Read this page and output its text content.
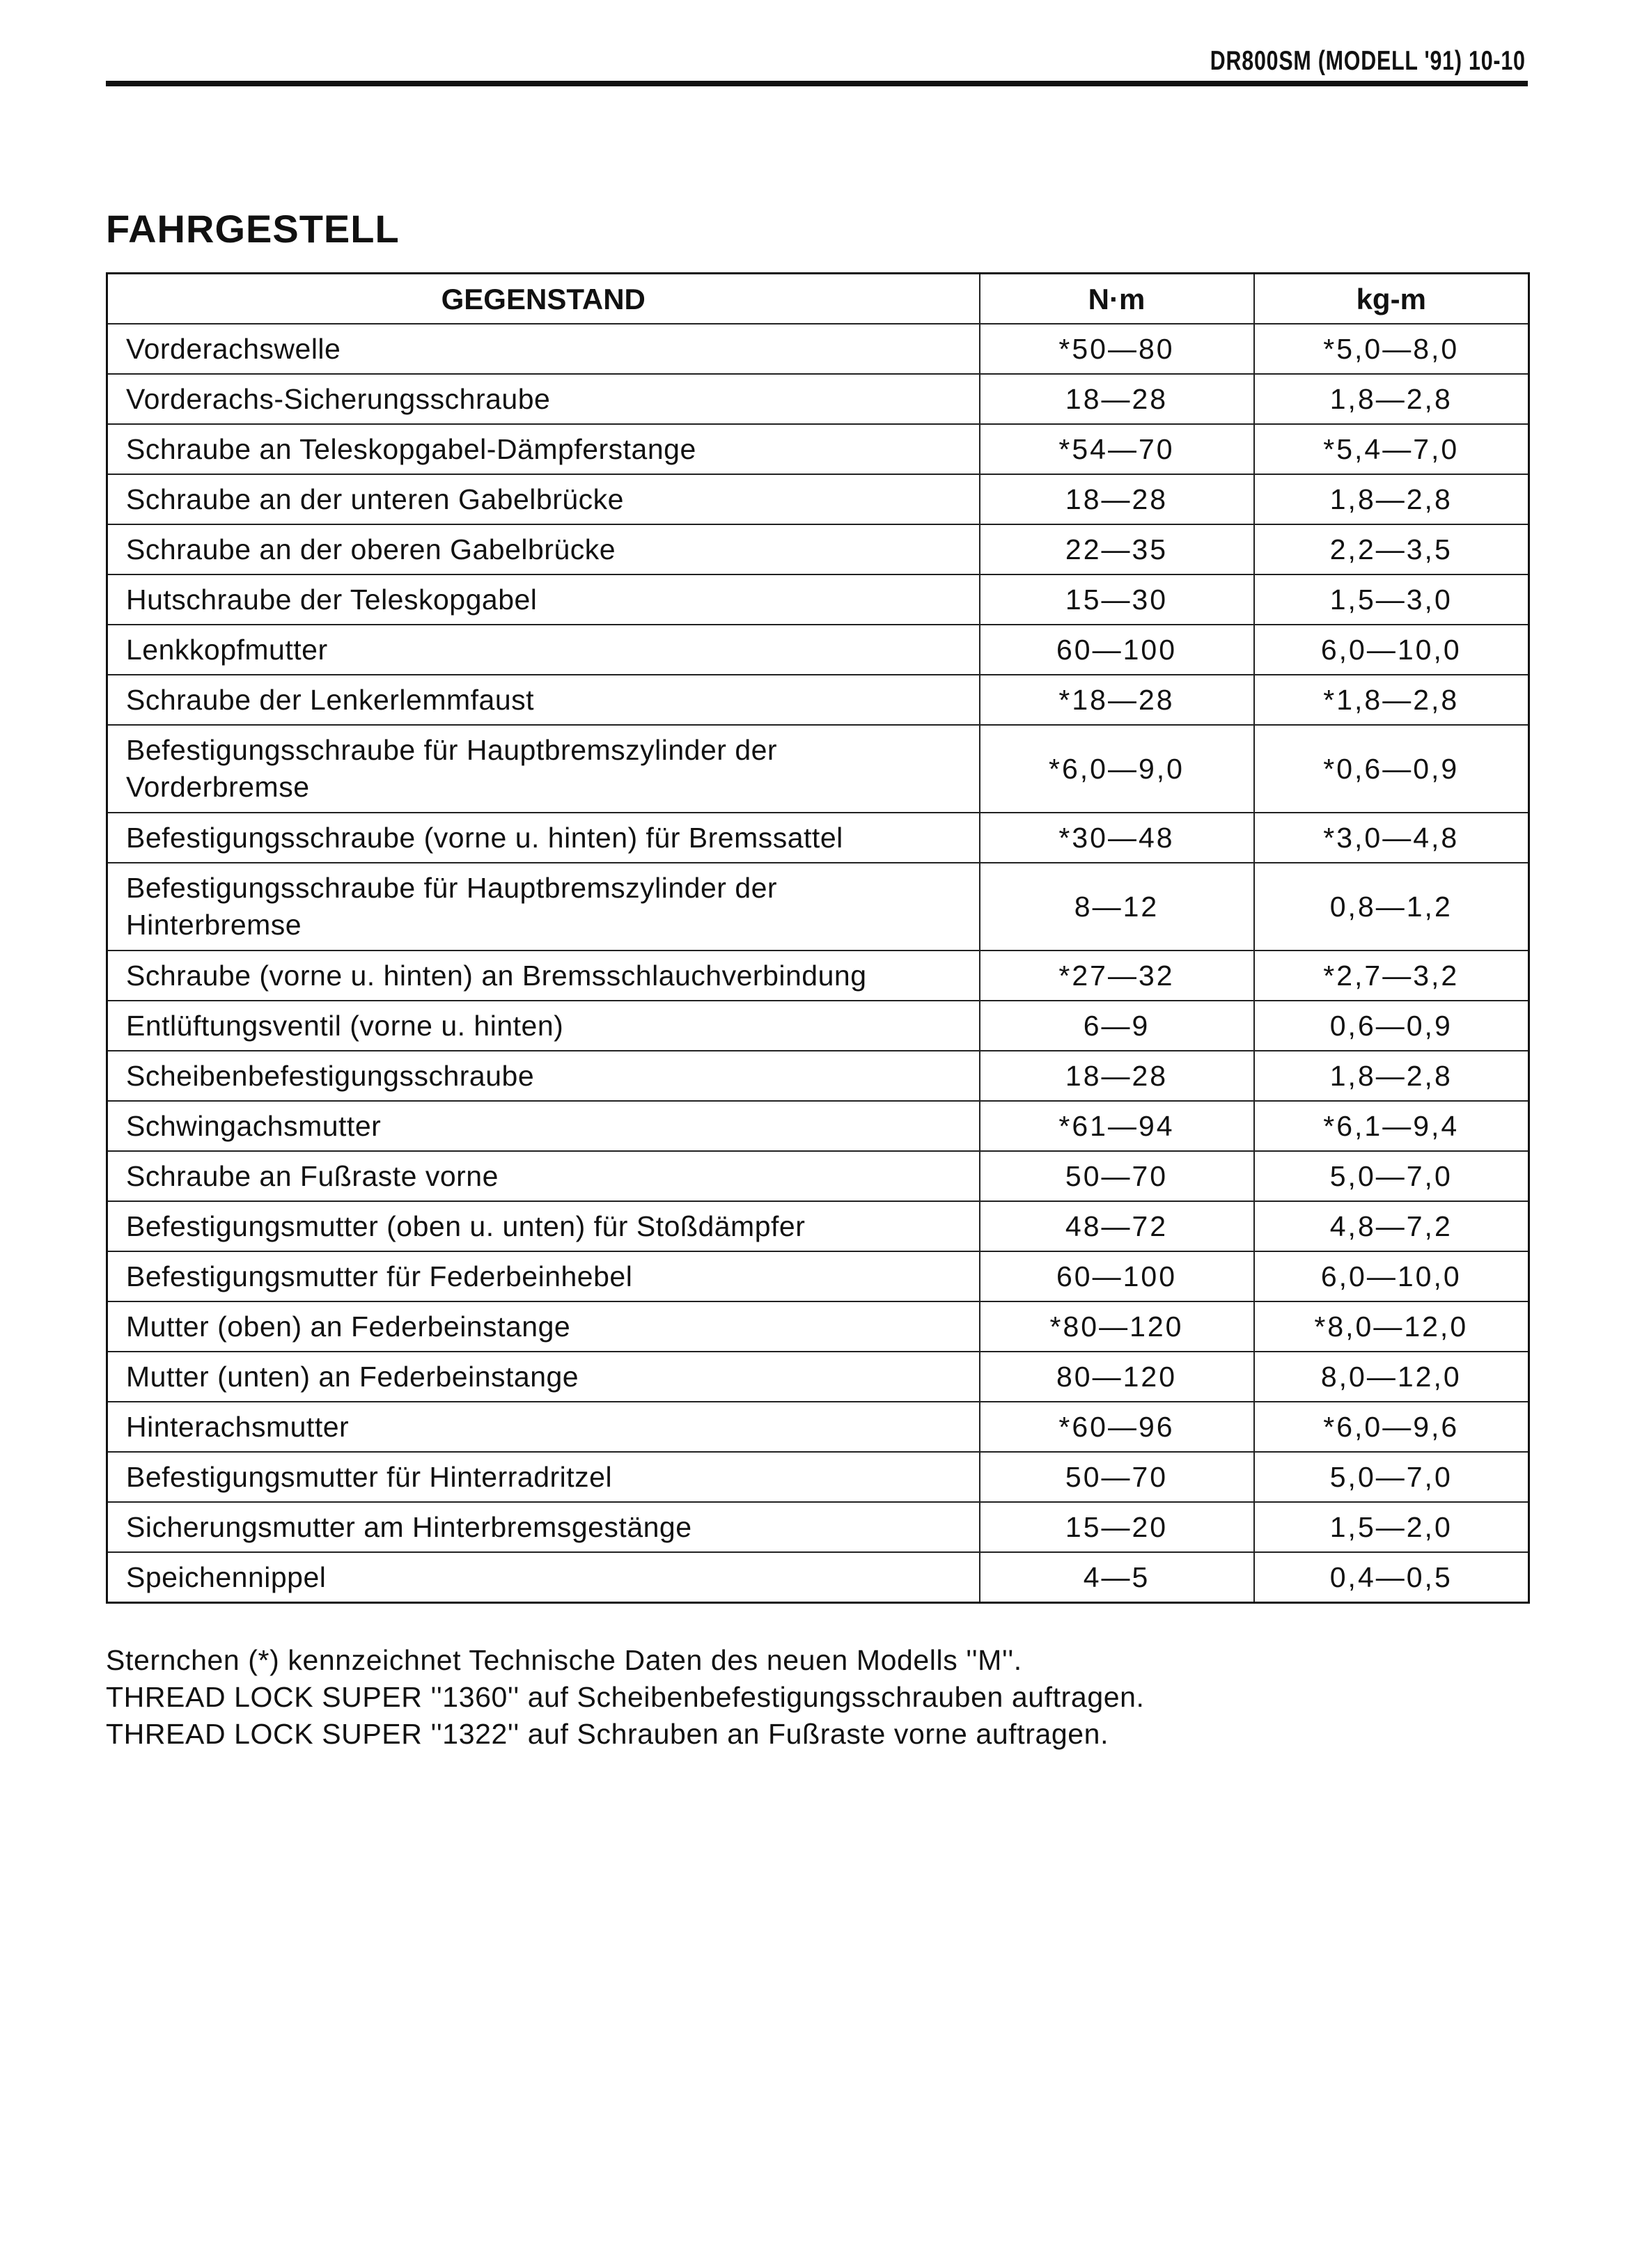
DR800SM (MODELL '91) 10-10
FAHRGESTELL
GEGENSTAND	N·m	kg-m
Vorderachswelle	*50—80	*5,0—8,0
Vorderachs-Sicherungsschraube	18—28	1,8—2,8
Schraube an Teleskopgabel-Dämpferstange	*54—70	*5,4—7,0
Schraube an der unteren Gabelbrücke	18—28	1,8—2,8
Schraube an der oberen Gabelbrücke	22—35	2,2—3,5
Hutschraube der Teleskopgabel	15—30	1,5—3,0
Lenkkopfmutter	60—100	6,0—10,0
Schraube der Lenkerlemmfaust	*18—28	*1,8—2,8

Befestigungsschraube für Hauptbremszylinder der
Vorderbremse	*6,0—9,0	*0,6—0,9
Befestigungsschraube (vorne u. hinten) für Bremssattel	*30—48	*3,0—4,8

Befestigungsschraube für Hauptbremszylinder der
Hinterbremse	8—12	0,8—1,2
Schraube (vorne u. hinten) an Bremsschlauchverbindung	*27—32	*2,7—3,2
Entlüftungsventil (vorne u. hinten)	6—9	0,6—0,9
Scheibenbefestigungsschraube	18—28	1,8—2,8
Schwingachsmutter	*61—94	*6,1—9,4
Schraube an Fußraste vorne	50—70	5,0—7,0
Befestigungsmutter (oben u. unten) für Stoßdämpfer	48—72	4,8—7,2
Befestigungsmutter für Federbeinhebel	60—100	6,0—10,0
Mutter (oben) an Federbeinstange	*80—120	*8,0—12,0
Mutter (unten) an Federbeinstange	80—120	8,0—12,0
Hinterachsmutter	*60—96	*6,0—9,6
Befestigungsmutter für Hinterradritzel	50—70	5,0—7,0
Sicherungsmutter am Hinterbremsgestänge	15—20	1,5—2,0
Speichennippel	4—5	0,4—0,5
Sternchen (*) kennzeichnet Technische Daten des neuen Modells ''M''.
THREAD LOCK SUPER ''1360'' auf Scheibenbefestigungsschrauben auftragen.
THREAD LOCK SUPER ''1322'' auf Schrauben an Fußraste vorne auftragen.
